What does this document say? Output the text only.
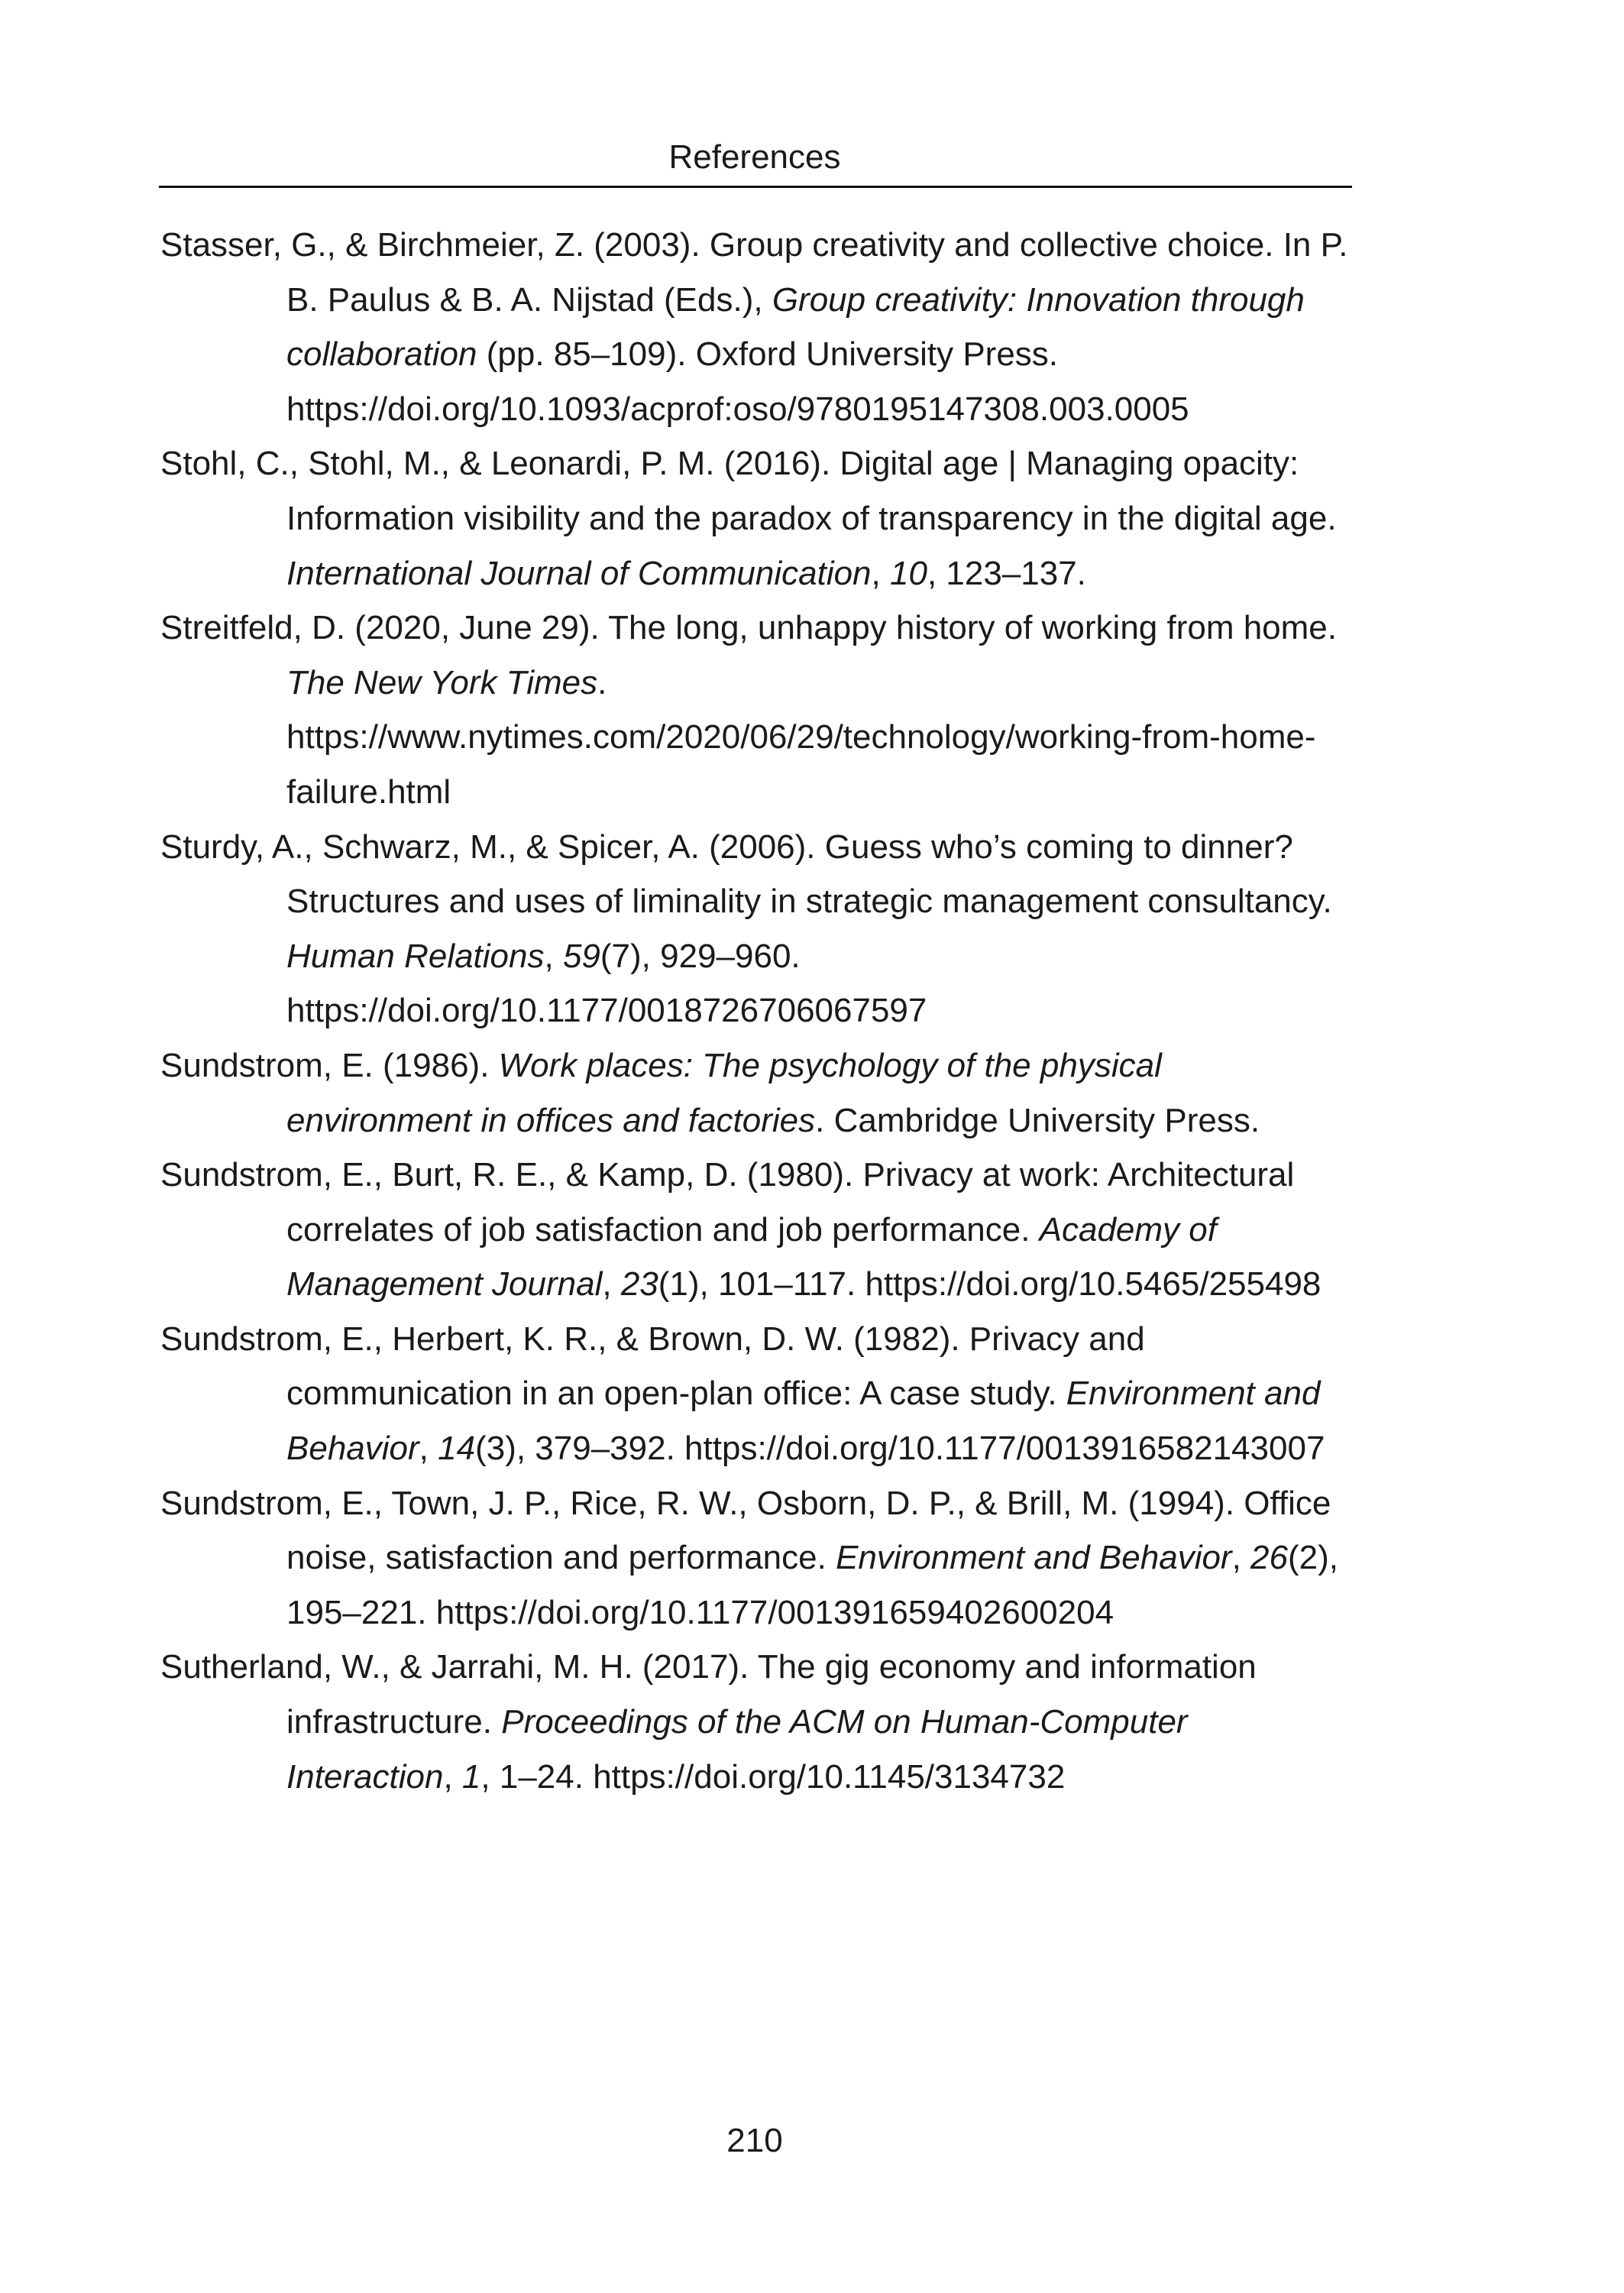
References

Stasser, G., & Birchmeier, Z. (2003). Group creativity and collective choice. In P. B. Paulus & B. A. Nijstad (Eds.), Group creativity: Innovation through collaboration (pp. 85–109). Oxford University Press. https://doi.org/10.1093/acprof:oso/9780195147308.003.0005

Stohl, C., Stohl, M., & Leonardi, P. M. (2016). Digital age | Managing opacity: Information visibility and the paradox of transparency in the digital age. International Journal of Communication, 10, 123–137.

Streitfeld, D. (2020, June 29). The long, unhappy history of working from home. The New York Times. https://www.nytimes.com/2020/06/29/technology/working-from-home-failure.html

Sturdy, A., Schwarz, M., & Spicer, A. (2006). Guess who’s coming to dinner? Structures and uses of liminality in strategic management consultancy. Human Relations, 59(7), 929–960. https://doi.org/10.1177/0018726706067597

Sundstrom, E. (1986). Work places: The psychology of the physical environment in offices and factories. Cambridge University Press.

Sundstrom, E., Burt, R. E., & Kamp, D. (1980). Privacy at work: Architectural correlates of job satisfaction and job performance. Academy of Management Journal, 23(1), 101–117. https://doi.org/10.5465/255498

Sundstrom, E., Herbert, K. R., & Brown, D. W. (1982). Privacy and communication in an open-plan office: A case study. Environment and Behavior, 14(3), 379–392. https://doi.org/10.1177/0013916582143007

Sundstrom, E., Town, J. P., Rice, R. W., Osborn, D. P., & Brill, M. (1994). Office noise, satisfaction and performance. Environment and Behavior, 26(2), 195–221. https://doi.org/10.1177/001391659402600204

Sutherland, W., & Jarrahi, M. H. (2017). The gig economy and information infrastructure. Proceedings of the ACM on Human-Computer Interaction, 1, 1–24. https://doi.org/10.1145/3134732

210
